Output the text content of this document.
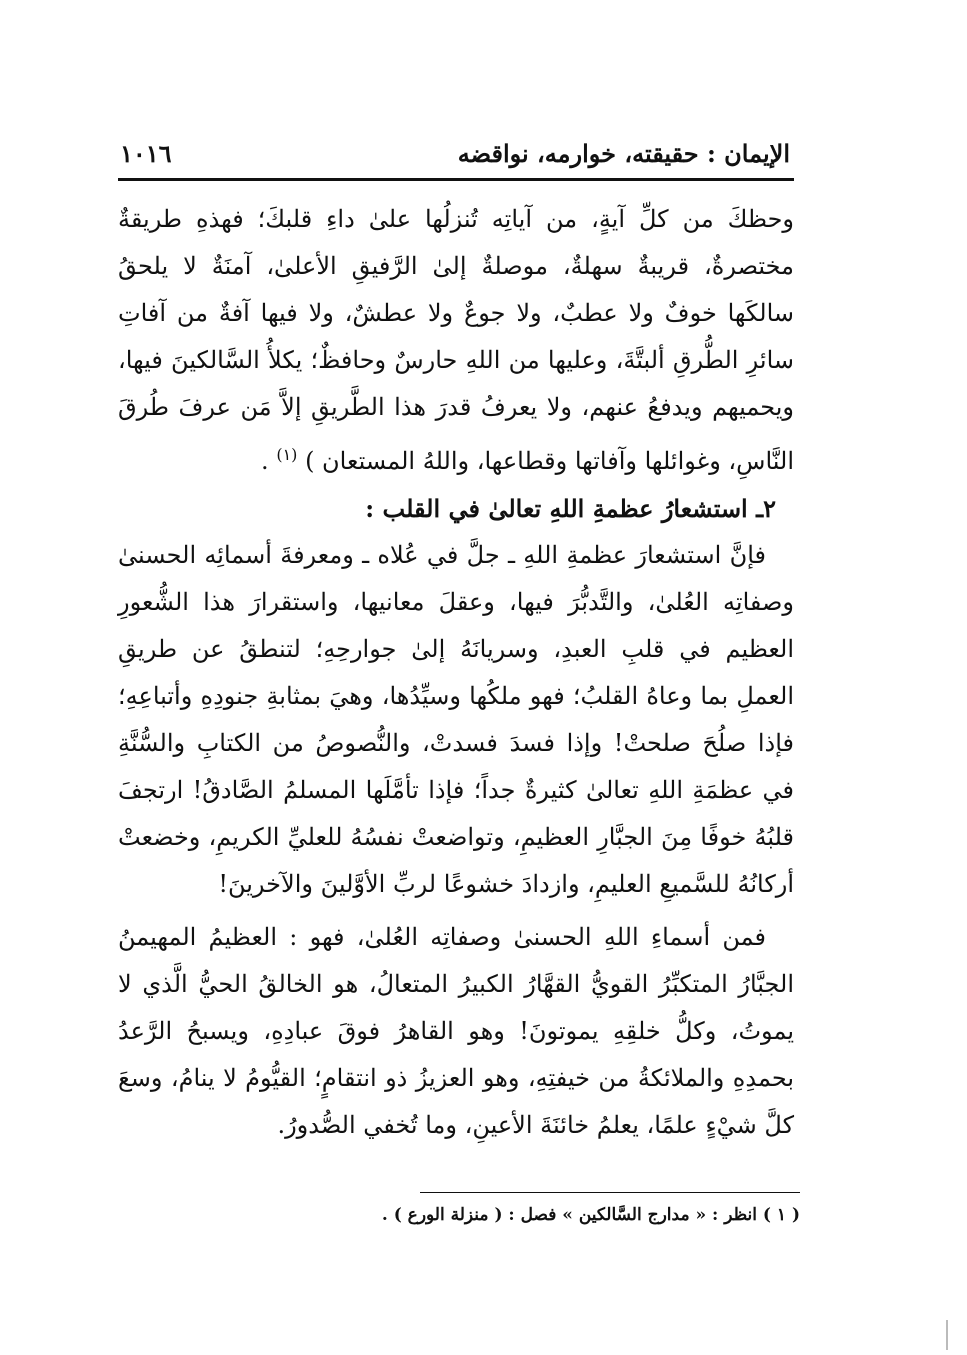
الإيمان : حقيقته، خوارمه، نواقضه
١٠١٦

وحظكَ من كلِّ آيةٍ، من آياتِه تُنزلُها علىٰ داءِ قلبكَ؛ فهذهِ طريقةٌ مختصرةٌ، قريبةٌ سهلةٌ، موصلةٌ إلىٰ الرَّفيقِ الأعلىٰ، آمنَةٌ لا يلحقُ سالكَها خوفٌ ولا عطبٌ، ولا جوعٌ ولا عطشٌ، ولا فيها آفةٌ من آفاتِ سائرِ الطُّرقِ ألبتَّةَ، وعليها من اللهِ حارسٌ وحافظٌ؛ يكلأُ السَّالكينَ فيها، ويحميهم ويدفعُ عنهم، ولا يعرفُ قدرَ هذا الطَّريقِ إلاَّ مَن عرفَ طُرقَ النَّاسِ، وغوائلها وآفاتها وقطاعها، واللهُ المستعان ) $^{(١)}$ .

٢ـ استشعارُ عظمةِ اللهِ تعالىٰ في القلب :

فإنَّ استشعارَ عظمةِ اللهِ ـ جلَّ في عُلاه ـ ومعرفةَ أسمائِه الحسنىٰ وصفاتِه العُلىٰ، والتَّدبُّرَ فيها، وعقلَ معانيها، واستقرارَ هذا الشُّعورِ العظيم في قلبِ العبدِ، وسريانَهُ إلىٰ جوارحِهِ؛ لتنطقُ عن طريقِ العملِ بما وعاهُ القلبُ؛ فهو ملكُها وسيِّدُها، وهيَ بمثابةِ جنودِهِ وأتباعِهِ؛ فإذا صلُحَ صلحتْ! وإذا فسدَ فسدتْ، والنُّصوصُ من الكتابِ والسُّنَّةِ في عظمَةِ اللهِ تعالىٰ كثيرةٌ جداً؛ فإذا تأمَّلَها المسلمُ الصَّادقُ! ارتجفَ قلبُهُ خوفًا مِنَ الجبَّارِ العظيمِ، وتواضعتْ نفسُهُ للعليِّ الكريمِ، وخضعتْ أركانُهُ للسَّميعِ العليمِ، وازدادَ خشوعًا لربِّ الأوَّلينَ والآخرينَ!

فمن أسماءِ اللهِ الحسنىٰ وصفاتِه العُلىٰ، فهو : العظيمُ المهيمنُ الجبَّارُ المتكبِّرُ القويُّ القهَّارُ الكبيرُ المتعالُ، هو الخالقُ الحيُّ الَّذي لا يموتُ، وكلُّ خلقِهِ يموتونَ! وهو القاهرُ فوقَ عبادِهِ، ويسبحُ الرَّعدُ بحمدِهِ والملائكةُ من خيفتِهِ، وهو العزيزُ ذو انتقامٍ؛ القيُّومُ لا ينامُ، وسعَ كلَّ شيْءٍ علمًا، يعلمُ خائنَةَ الأعينِ، وما تُخفي الصُّدورُ.

( ١ ) انظر : « مدارج السَّالكين » فصل : ( منزلة الورع ) .
